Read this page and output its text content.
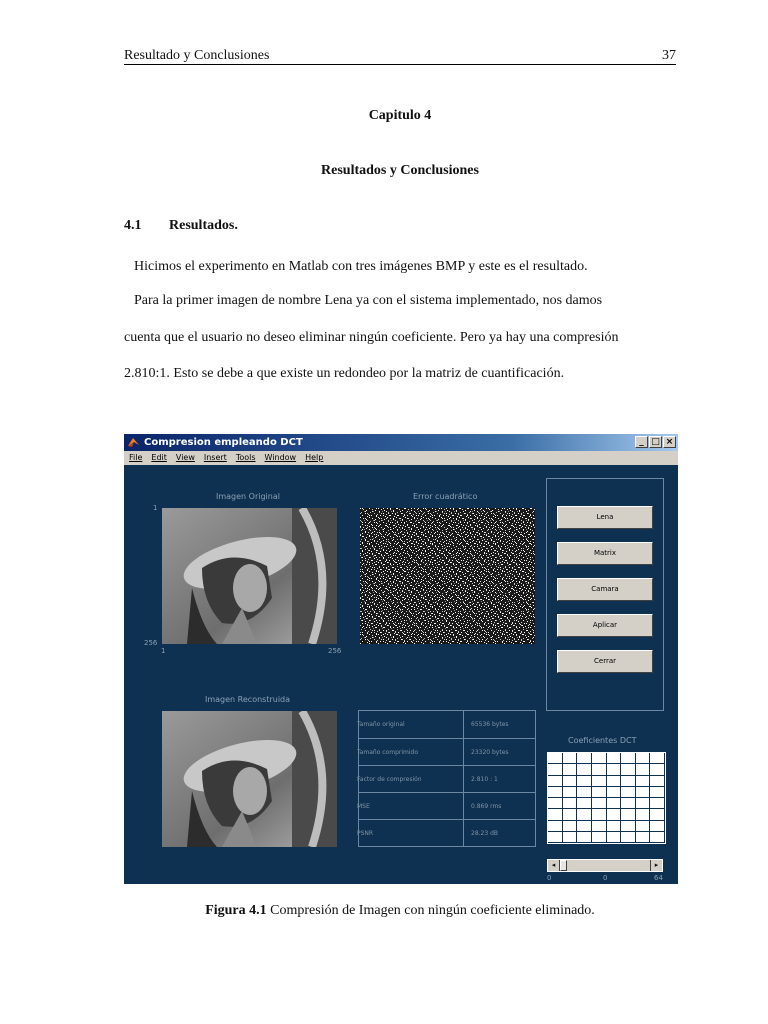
Resultado y Conclusiones	37
Capitulo 4
Resultados y Conclusiones
4.1 Resultados.
Hicimos el experimento en Matlab con tres imágenes BMP y este es el resultado.
Para la primer imagen de nombre Lena ya con el sistema implementado, nos damos
cuenta que el usuario no deseo eliminar ningún coeficiente. Pero ya hay una compresión
2.810:1. Esto se debe a que existe un redondeo por la matriz de cuantificación.
Compresion empleando DCT	_ □ ×
File Edit View Insert Tools Window Help
Imagen Original	Error cuadrático
Imagen Reconstruida
Coeficientes DCT
1
256
1	256
Tamaño original	65536 bytes
Tamaño comprimido	23320 bytes
Factor de compresión	2.810 : 1
MSE	0.869 rms
PSNR	28.23 dB
Lena
Matrix
Camara
Aplicar
Cerrar
◂	▸
0	0	64
Figura 4.1 Compresión de Imagen con ningún coeficiente eliminado.
